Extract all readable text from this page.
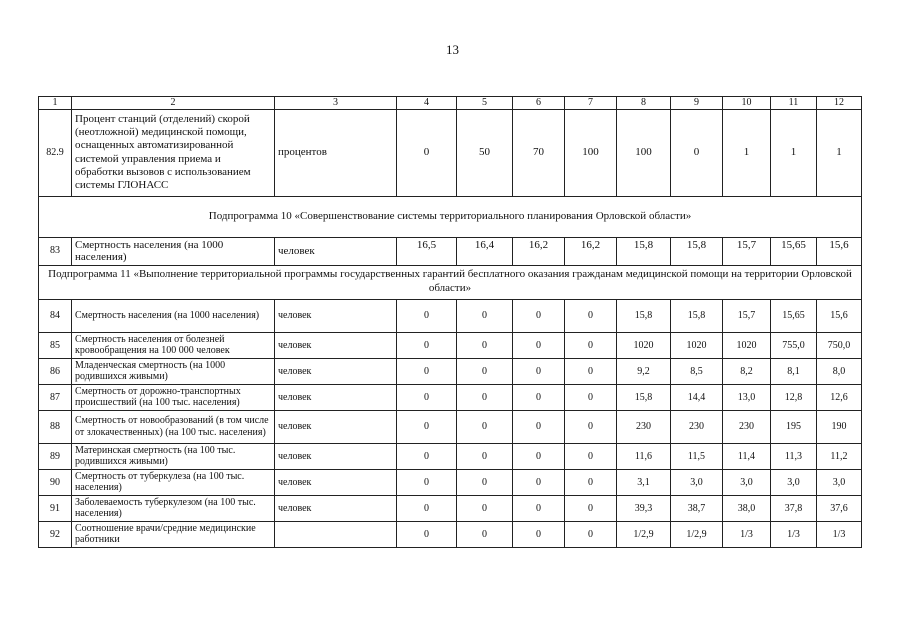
13
1	2	3	4	5	6	7	8	9	10	11	12
82.9	Процент станций (отделений) скорой (неотложной) медицинской помощи, оснащенных автоматизированной системой управления приема и обработки вызовов с использованием системы ГЛОНАСС	процентов	0	50	70	100	100	0	1	1	1
Подпрограмма 10 «Совершенствование системы территориального планирования Орловской области»											
83	Смертность населения (на 1000 населения)	человек	16,5	16,4	16,2	16,2	15,8	15,8	15,7	15,65	15,6
Подпрограмма 11 «Выполнение территориальной программы государственных гарантий бесплатного оказания гражданам медицинской помощи на территории Орловской области»											
84	Смертность населения (на 1000 населения)	человек	0	0	0	0	15,8	15,8	15,7	15,65	15,6
85	Смертность населения от болезней кровообращения на 100 000 человек	человек	0	0	0	0	1020	1020	1020	755,0	750,0
86	Младенческая смертность (на 1000 родившихся живыми)	человек	0	0	0	0	9,2	8,5	8,2	8,1	8,0
87	Смертность от дорожно-транспортных происшествий (на 100 тыс. населения)	человек	0	0	0	0	15,8	14,4	13,0	12,8	12,6
88	Смертность от новообразований (в том числе от злокачественных) (на 100 тыс. населения)	человек	0	0	0	0	230	230	230	195	190
89	Материнская смертность (на 100 тыс. родившихся живыми)	человек	0	0	0	0	11,6	11,5	11,4	11,3	11,2
90	Смертность от туберкулеза (на 100 тыс. населения)	человек	0	0	0	0	3,1	3,0	3,0	3,0	3,0
91	Заболеваемость туберкулезом (на 100 тыс. населения)	человек	0	0	0	0	39,3	38,7	38,0	37,8	37,6
92	Соотношение врачи/средние медицинские работники		0	0	0	0	1/2,9	1/2,9	1/3	1/3	1/3
